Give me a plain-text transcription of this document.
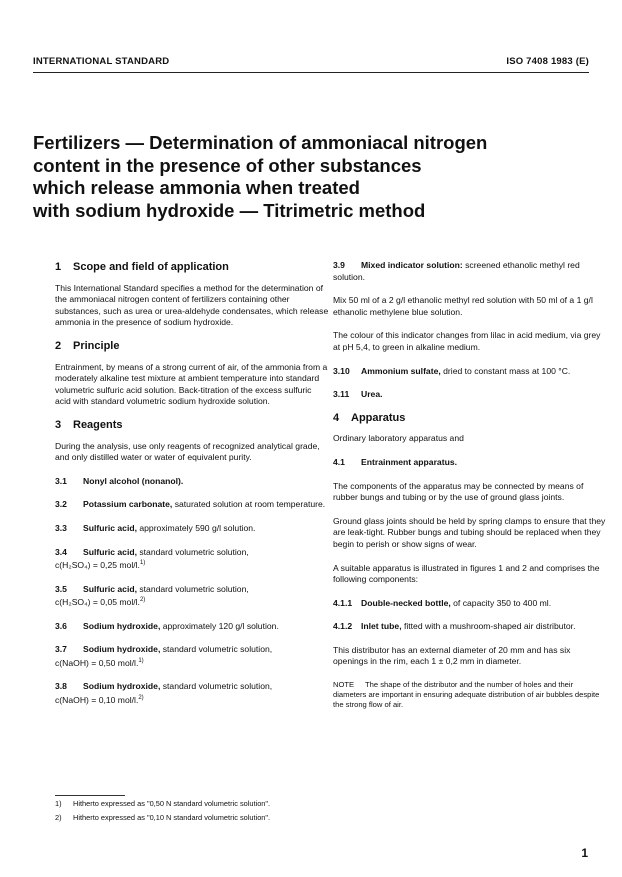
INTERNATIONAL STANDARD	ISO 7408 1983 (E)
Fertilizers — Determination of ammoniacal nitrogen
content in the presence of other substances
which release ammonia when treated
with sodium hydroxide — Titrimetric method
1 Scope and field of application

This International Standard specifies a method for the determination of the ammoniacal nitrogen content of fertilizers containing other substances, such as urea or urea-aldehyde condensates, which release ammonia in the presence of sodium hydroxide.

2 Principle

Entrainment, by means of a strong current of air, of the ammonia from a moderately alkaline test mixture at ambient temperature into standard volumetric sulfuric acid solution. Back-titration of the excess sulfuric acid with standard volumetric sodium hydroxide solution.

3 Reagents

During the analysis, use only reagents of recognized analytical grade, and only distilled water or water of equivalent purity.

3.1 Nonyl alcohol (nonanol).

3.2 Potassium carbonate, saturated solution at room temperature.

3.3 Sulfuric acid, approximately 590 g/l solution.

3.4 Sulfuric acid, standard volumetric solution,

c(H₂SO₄) = 0,25 mol/l.$^{1)}$

3.5 Sulfuric acid, standard volumetric solution,

c(H₂SO₄) = 0,05 mol/l.$^{2)}$

3.6 Sodium hydroxide, approximately 120 g/l solution.

3.7 Sodium hydroxide, standard volumetric solution,

c(NaOH) = 0,50 mol/l.$^{1)}$

3.8 Sodium hydroxide, standard volumetric solution,

c(NaOH) = 0,10 mol/l.$^{2)}$

3.9 Mixed indicator solution: screened ethanolic methyl red solution.

Mix 50 ml of a 2 g/l ethanolic methyl red solution with 50 ml of a 1 g/l ethanolic methylene blue solution.

The colour of this indicator changes from lilac in acid medium, via grey at pH 5,4, to green in alkaline medium.

3.10 Ammonium sulfate, dried to constant mass at 100 °C.

3.11 Urea.

4 Apparatus

Ordinary laboratory apparatus and

4.1 Entrainment apparatus.

The components of the apparatus may be connected by means of rubber bungs and tubing or by the use of ground glass joints.

Ground glass joints should be held by spring clamps to ensure that they are leak-tight. Rubber bungs and tubing should be replaced when they begin to perish or show signs of wear.

A suitable apparatus is illustrated in figures 1 and 2 and comprises the following components:

4.1.1 Double-necked bottle, of capacity 350 to 400 ml.

4.1.2 Inlet tube, fitted with a mushroom-shaped air distributor.

This distributor has an external diameter of 20 mm and has six openings in the rim, each 1 ± 0,2 mm in diameter.

NOTE The shape of the distributor and the number of holes and their diameters are important in ensuring adequate distribution of air bubbles despite the strong flow of air.

1) Hitherto expressed as "0,50 N standard volumetric solution".
2) Hitherto expressed as "0,10 N standard volumetric solution".
1
